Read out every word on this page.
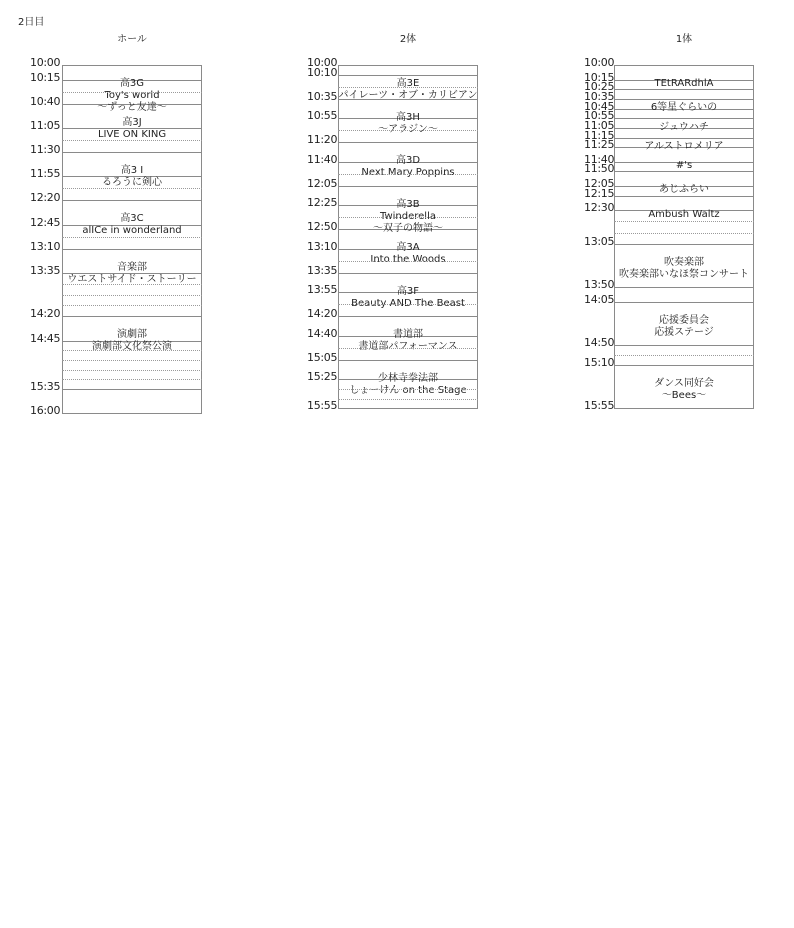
2日目
ホール	2体	1体
10:00
10:15
10:40
11:05
11:30
11:55
12:20
12:45
13:10
13:35
14:20
14:45
15:35
16:00
高3G
Toy's world
〜ずっと友達〜
高3J
LIVE ON KING
高3 I
るろうに剣心
高3C
alICe in wonderland
音楽部
ウエストサイド・ストーリー
演劇部
演劇部文化祭公演
10:00
10:10
10:35
10:55
11:20
11:40
12:05
12:25
12:50
13:10
13:35
13:55
14:20
14:40
15:05
15:25
15:55
高3E
パイレーツ・オブ・カリビアン
高3H
〜アラジン〜
高3D
Next Mary Poppins
高3B
Twinderella
〜双子の物語〜
高3A
Into the Woods
高3F
Beauty AND The Beast
書道部
書道部パフォーマンス
少林寺拳法部
しょーけん on the Stage
10:00
10:15
10:25
10:35
10:45
10:55
11:05
11:15
11:25
11:40
11:50
12:05
12:15
12:30
13:05
13:50
14:05
14:50
15:10
15:55
TEtRARdhlA
6等星ぐらいの
ジュウハチ
アルストロメリア
#'s
あじふらい
Ambush Waltz
吹奏楽部
吹奏楽部いなほ祭コンサート
応援委員会
応援ステージ
ダンス同好会
〜Bees〜
